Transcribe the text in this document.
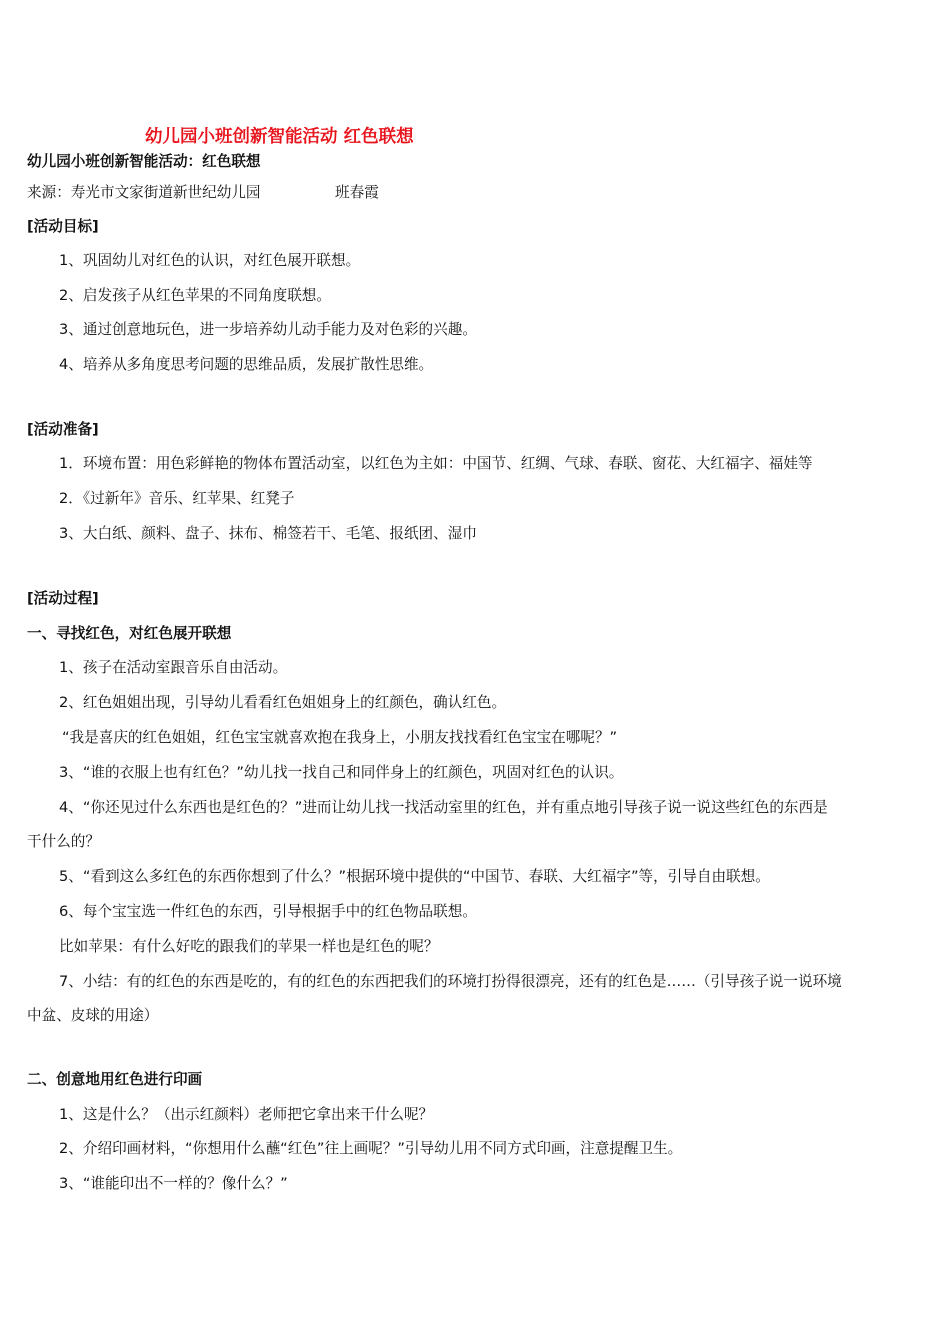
幼儿园小班创新智能活动 红色联想
幼儿园小班创新智能活动：红色联想
来源：寿光市文家街道新世纪幼儿园	班春霞
[活动目标]
1、巩固幼儿对红色的认识，对红色展开联想。
2、启发孩子从红色苹果的不同角度联想。
3、通过创意地玩色，进一步培养幼儿动手能力及对色彩的兴趣。
4、培养从多角度思考问题的思维品质，发展扩散性思维。
[活动准备]
1．环境布置：用色彩鲜艳的物体布置活动室，以红色为主如：中国节、红绸、气球、春联、窗花、大红福字、福娃等
2．《过新年》音乐、红苹果、红凳子
3、大白纸、颜料、盘子、抹布、棉签若干、毛笔、报纸团、湿巾
[活动过程]
一、寻找红色，对红色展开联想
1、孩子在活动室跟音乐自由活动。
2、红色姐姐出现，引导幼儿看看红色姐姐身上的红颜色，确认红色。
“我是喜庆的红色姐姐，红色宝宝就喜欢抱在我身上，小朋友找找看红色宝宝在哪呢？”
3、“谁的衣服上也有红色？”幼儿找一找自己和同伴身上的红颜色，巩固对红色的认识。
4、“你还见过什么东西也是红色的？”进而让幼儿找一找活动室里的红色，并有重点地引导孩子说一说这些红色的东西是
干什么的？
5、“看到这么多红色的东西你想到了什么？”根据环境中提供的“中国节、春联、大红福字”等，引导自由联想。
6、每个宝宝选一件红色的东西，引导根据手中的红色物品联想。
比如苹果：有什么好吃的跟我们的苹果一样也是红色的呢？
7、小结：有的红色的东西是吃的，有的红色的东西把我们的环境打扮得很漂亮，还有的红色是……（引导孩子说一说环境
中盆、皮球的用途）
二、创意地用红色进行印画
1、这是什么？（出示红颜料）老师把它拿出来干什么呢？
2、介绍印画材料，“你想用什么蘸“红色”往上画呢？”引导幼儿用不同方式印画，注意提醒卫生。
3、“谁能印出不一样的？像什么？”
